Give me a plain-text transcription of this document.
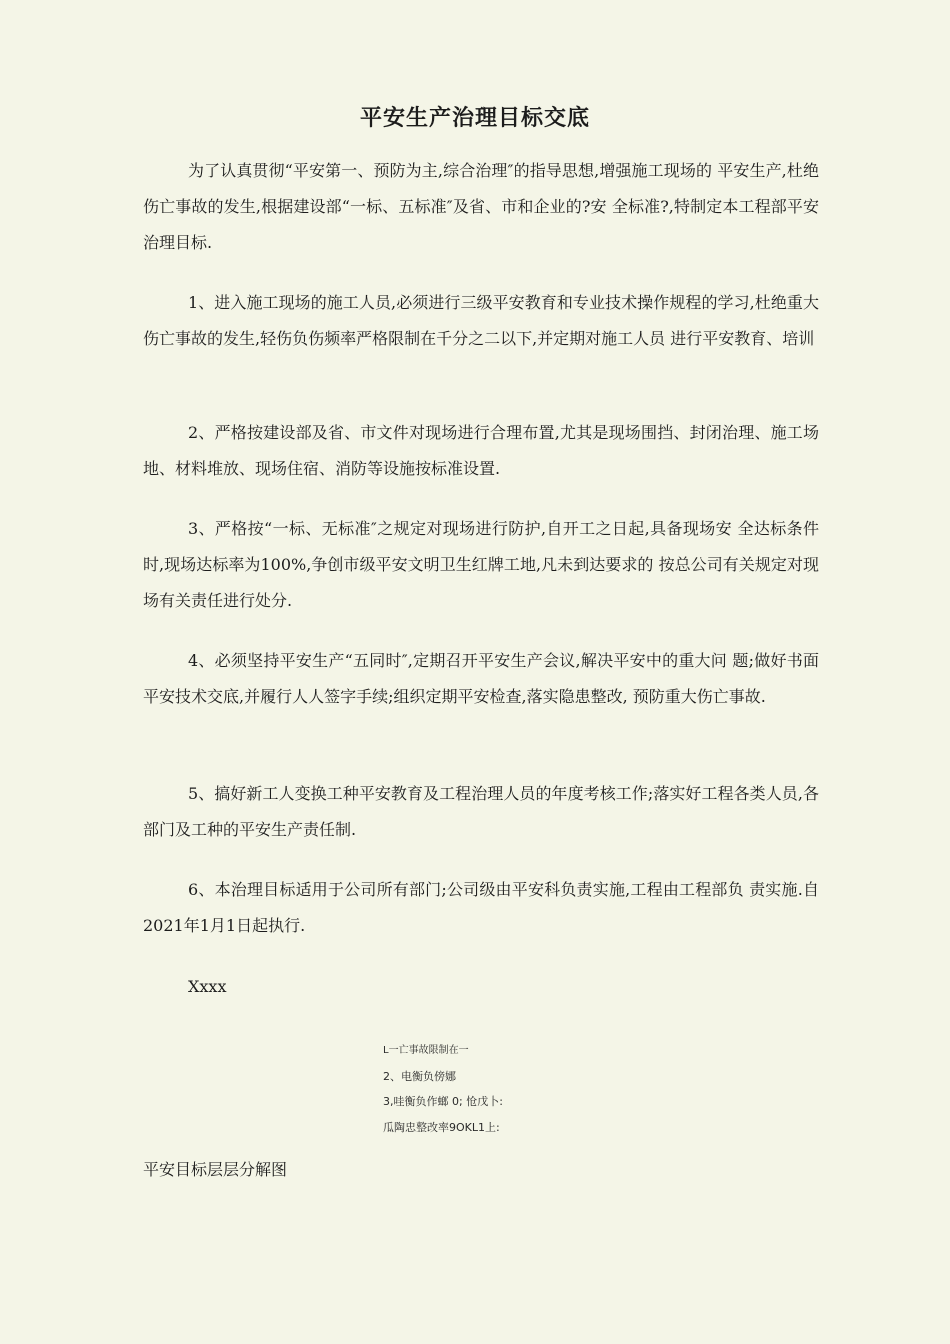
平安生产治理目标交底

为了认真贯彻“平安第一、预防为主,综合治理″的指导思想,增强施工现场的 平安生产,杜绝伤亡事故的发生,根据建设部“一标、五标准″及省、市和企业的?安 全标准?,特制定本工程部平安治理目标.

1、进入施工现场的施工人员,必须进行三级平安教育和专业技术操作规程的学习,杜绝重大伤亡事故的发生,轻伤负伤频率严格限制在千分之二以下,并定期对施工人员 进行平安教育、培训

2、严格按建设部及省、市文件对现场进行合理布置,尤其是现场围挡、封闭治理、施工场地、材料堆放、现场住宿、消防等设施按标准设置.

3、严格按“一标、无标准″之规定对现场进行防护,自开工之日起,具备现场安 全达标条件时,现场达标率为100%,争创市级平安文明卫生红牌工地,凡未到达要求的 按总公司有关规定对现场有关责任进行处分.

4、必须坚持平安生产“五同时″,定期召开平安生产会议,解决平安中的重大问 题;做好书面平安技术交底,并履行人人签字手续;组织定期平安检查,落实隐患整改, 预防重大伤亡事故.

5、搞好新工人变换工种平安教育及工程治理人员的年度考核工作;落实好工程各类人员,各部门及工种的平安生产责任制.

6、本治理目标适用于公司所有部门;公司级由平安科负责实施,工程由工程部负 责实施.自2021年1月1日起执行.

Xxxx
L一亡事故限制在一
2、电衡负傍娜
3,哇衡负作螂 0; 怆戊卜:
瓜陶忠整改率9OKL1上:
平安目标层层分解图
